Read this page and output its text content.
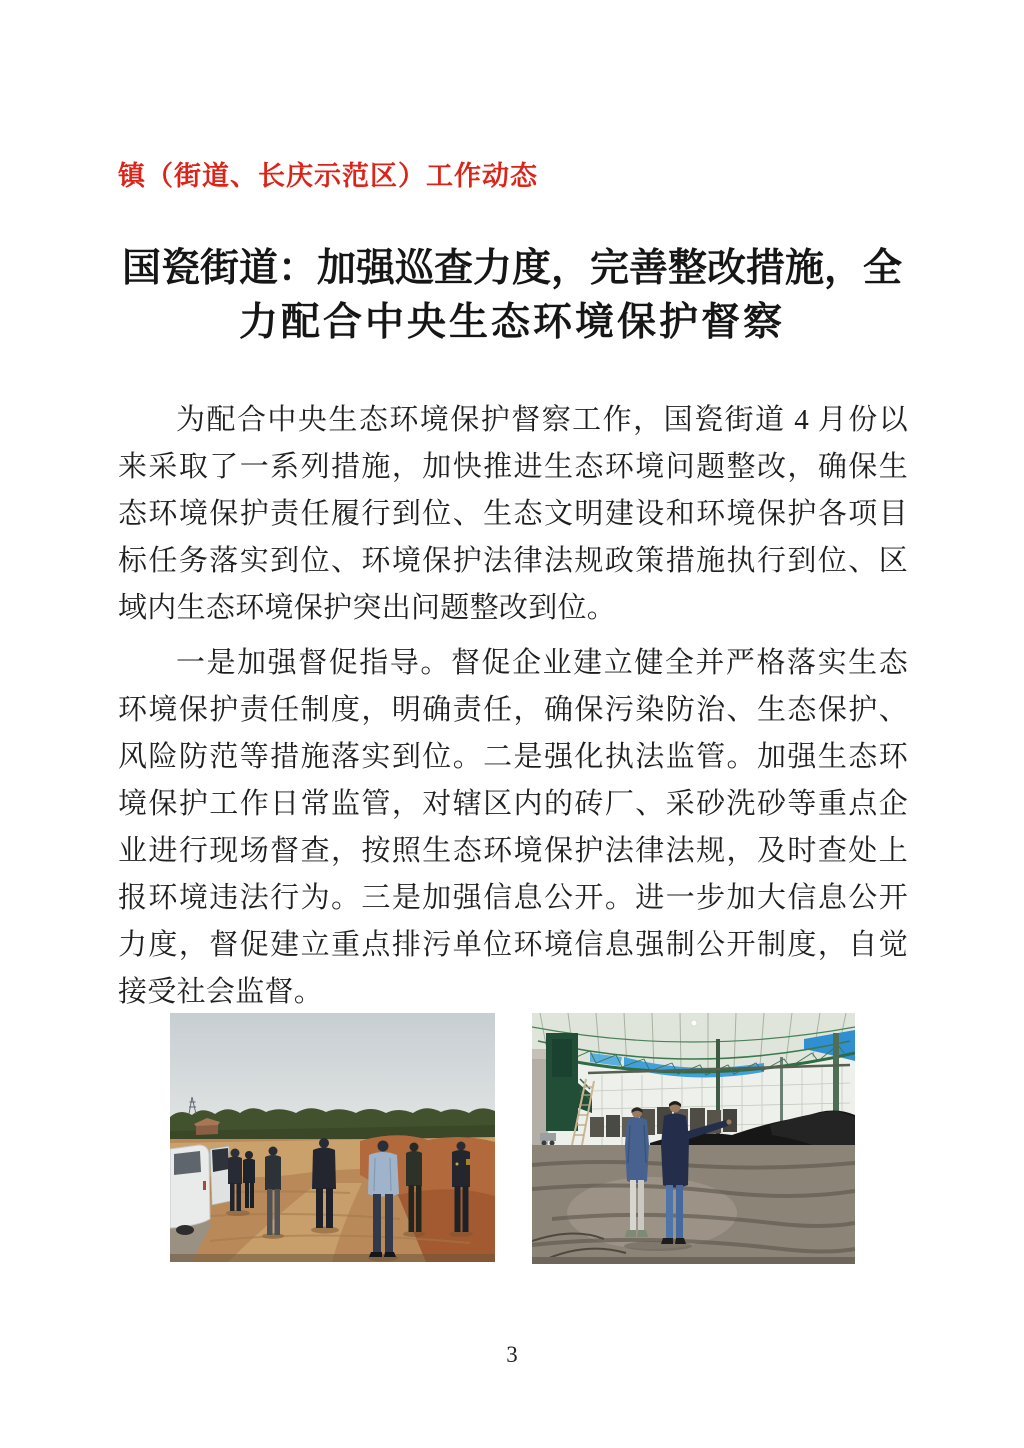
镇（街道、长庆示范区）工作动态
国瓷街道：加强巡查力度，完善整改措施，全
力配合中央生态环境保护督察

为配合中央生态环境保护督察工作，国瓷街道 4 月份以来采取了一系列措施，加快推进生态环境问题整改，确保生态环境保护责任履行到位、生态文明建设和环境保护各项目标任务落实到位、环境保护法律法规政策措施执行到位、区域内生态环境保护突出问题整改到位。

一是加强督促指导。督促企业建立健全并严格落实生态环境保护责任制度，明确责任，确保污染防治、生态保护、风险防范等措施落实到位。二是强化执法监管。加强生态环境保护工作日常监管，对辖区内的砖厂、采砂洗砂等重点企业进行现场督查，按照生态环境保护法律法规，及时查处上报环境违法行为。三是加强信息公开。进一步加大信息公开力度，督促建立重点排污单位环境信息强制公开制度，自觉接受社会监督。

3
